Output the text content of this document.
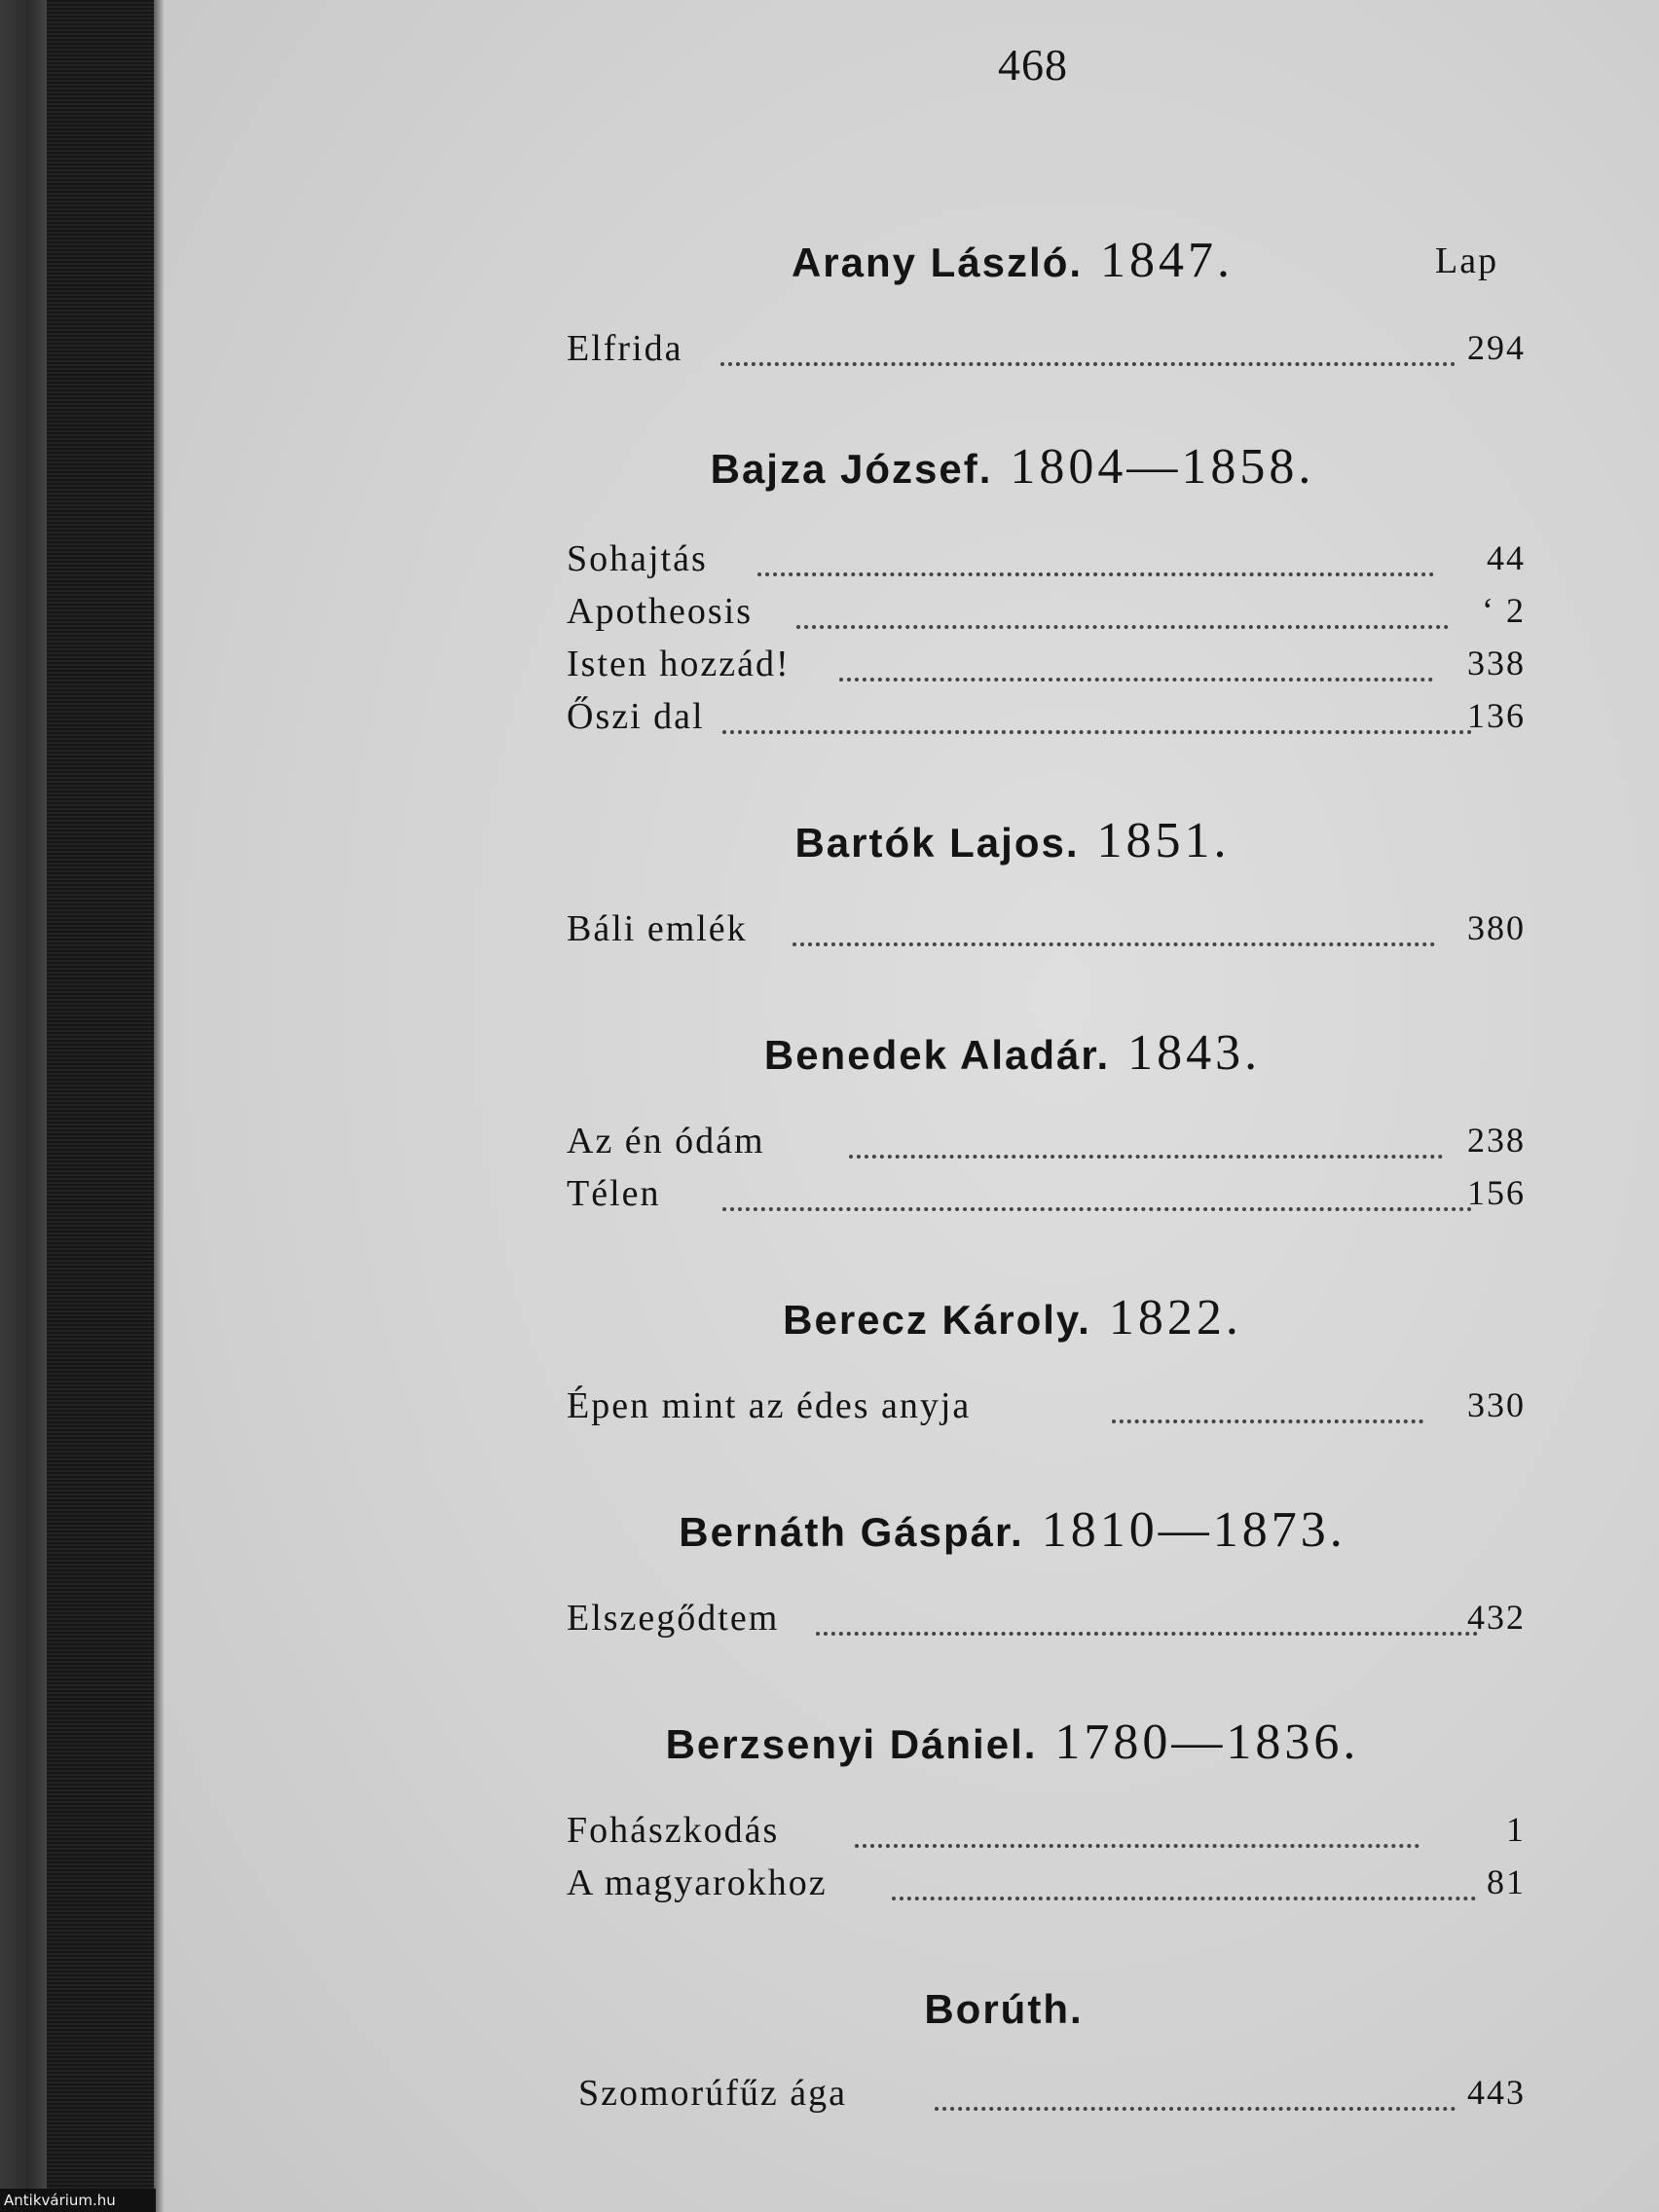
468
Lap
Arany László. 1847.
Elfrida	294
Bajza József. 1804—1858.
Sohajtás	44
Apotheosis	ʻ 2
Isten hozzád!	338
Őszi dal	136
Bartók Lajos. 1851.
Báli emlék	380
Benedek Aladár. 1843.
Az én ódám	238
Télen	156
Berecz Károly. 1822.
Épen mint az édes anyja	330
Bernáth Gáspár. 1810—1873.
Elszegődtem	432
Berzsenyi Dániel. 1780—1836.
Fohászkodás	1
A magyarokhoz	81
Borúth.
Szomorúfűz ága	443
Antikvárium.hu
